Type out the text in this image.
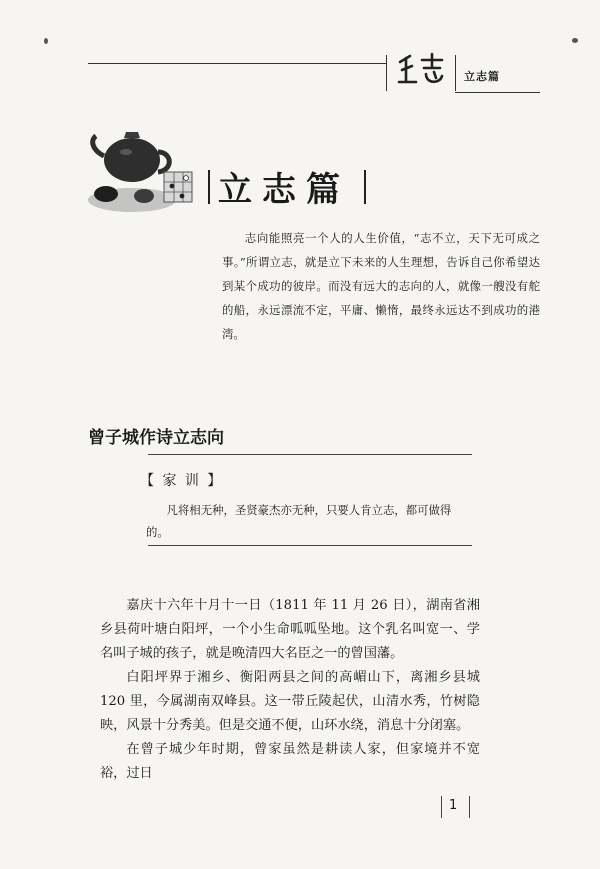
立志篇
立志篇

志向能照亮一个人的人生价值，“志不立，天下无可成之事。”所谓立志，就是立下未来的人生理想，告诉自己你希望达到某个成功的彼岸。而没有远大的志向的人，就像一艘没有舵的船，永远漂流不定，平庸、懒惰，最终永远达不到成功的港湾。

曾子城作诗立志向
【 家 训 】

凡将相无种，圣贤豪杰亦无种，只要人肯立志，都可做得的。

嘉庆十六年十月十一日（1811 年 11 月 26 日），湖南省湘乡县荷叶塘白阳坪，一个小生命呱呱坠地。这个乳名叫宽一、学名叫子城的孩子，就是晚清四大名臣之一的曾国藩。

白阳坪界于湘乡、衡阳两县之间的高嵋山下，离湘乡县城 120 里，今属湖南双峰县。这一带丘陵起伏，山清水秀，竹树隐映，风景十分秀美。但是交通不便，山环水绕，消息十分闭塞。

在曾子城少年时期，曾家虽然是耕读人家，但家境并不宽裕，过日

1
